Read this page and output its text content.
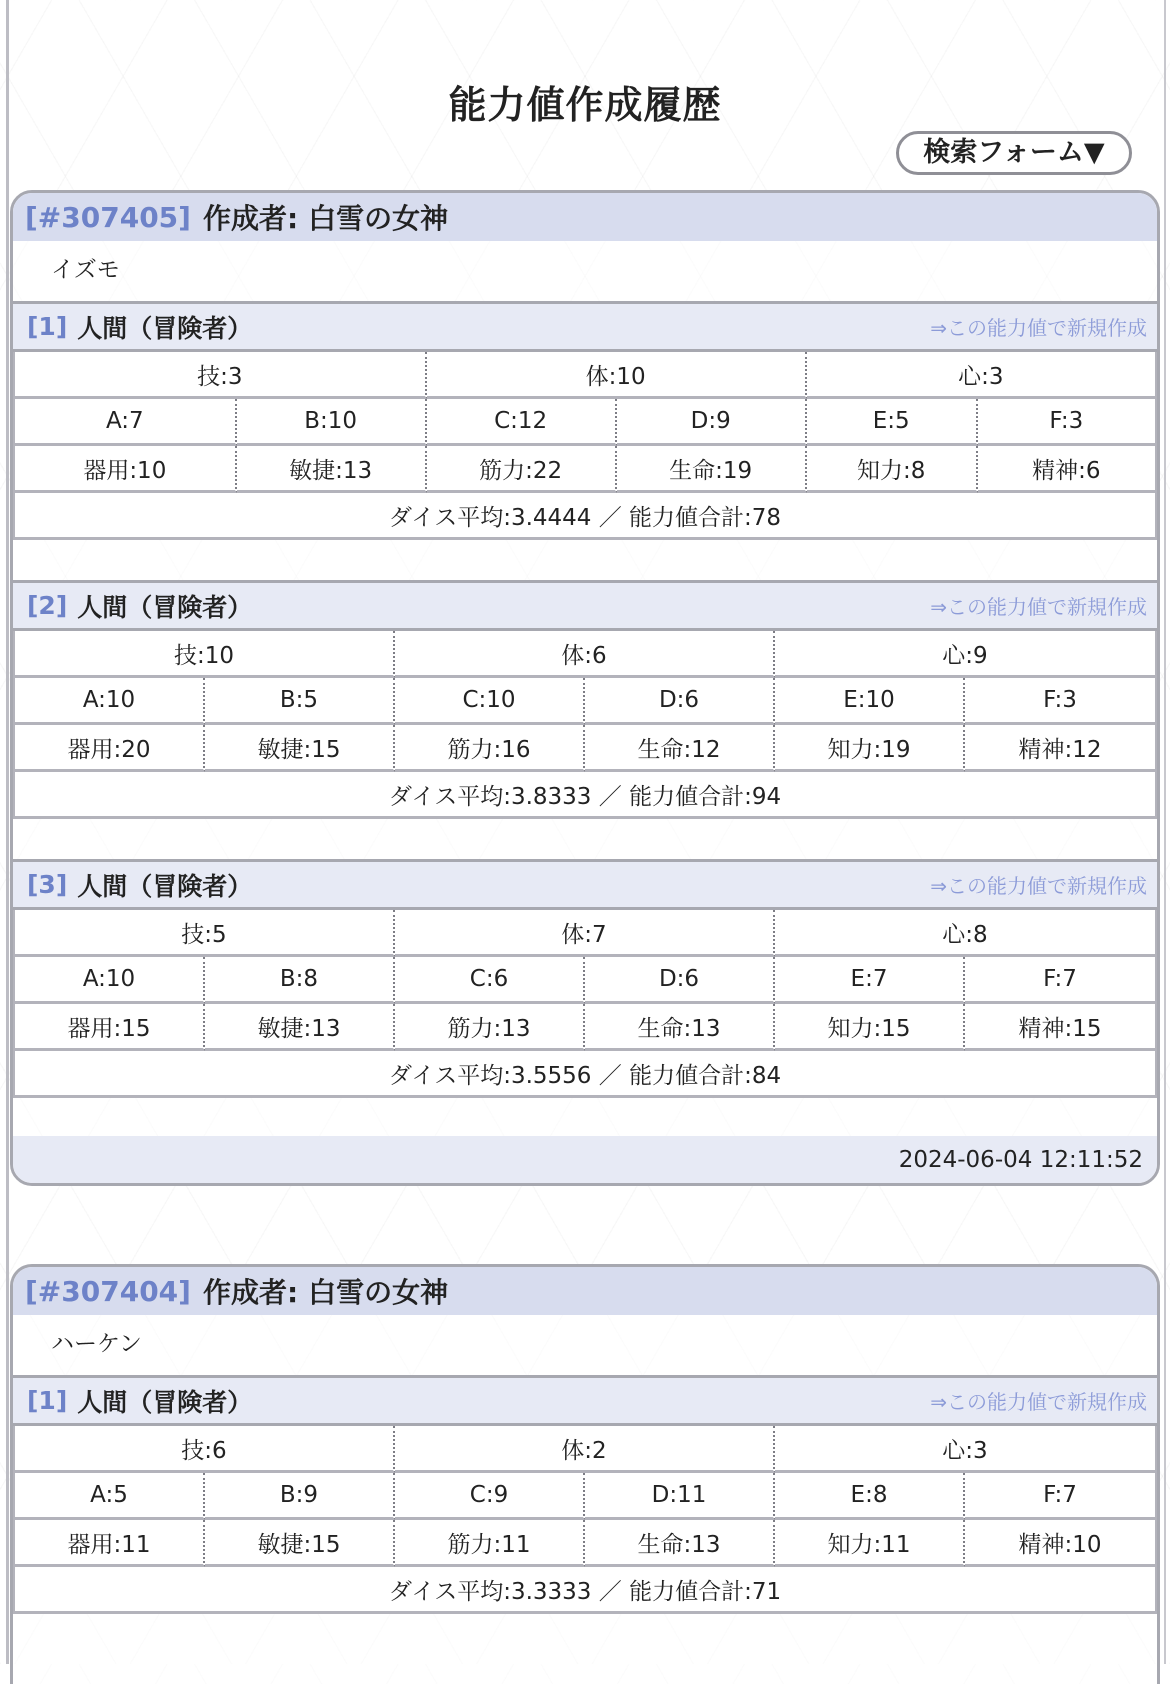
能力値作成履歴
検索フォーム▼
[#307405] 作成者: 白雪の女神
イズモ
[1] 人間（冒険者）	⇒この能力値で新規作成
技:3	体:10	心:3
A:7	B:10	C:12	D:9	E:5	F:3
器用:10	敏捷:13	筋力:22	生命:19	知力:8	精神:6
ダイス平均:3.4444 ／ 能力値合計:78
[2] 人間（冒険者）	⇒この能力値で新規作成
技:10	体:6	心:9
A:10	B:5	C:10	D:6	E:10	F:3
器用:20	敏捷:15	筋力:16	生命:12	知力:19	精神:12
ダイス平均:3.8333 ／ 能力値合計:94
[3] 人間（冒険者）	⇒この能力値で新規作成
技:5	体:7	心:8
A:10	B:8	C:6	D:6	E:7	F:7
器用:15	敏捷:13	筋力:13	生命:13	知力:15	精神:15
ダイス平均:3.5556 ／ 能力値合計:84
2024-06-04 12:11:52
[#307404] 作成者: 白雪の女神
ハーケン
[1] 人間（冒険者）	⇒この能力値で新規作成
技:6	体:2	心:3
A:5	B:9	C:9	D:11	E:8	F:7
器用:11	敏捷:15	筋力:11	生命:13	知力:11	精神:10
ダイス平均:3.3333 ／ 能力値合計:71
